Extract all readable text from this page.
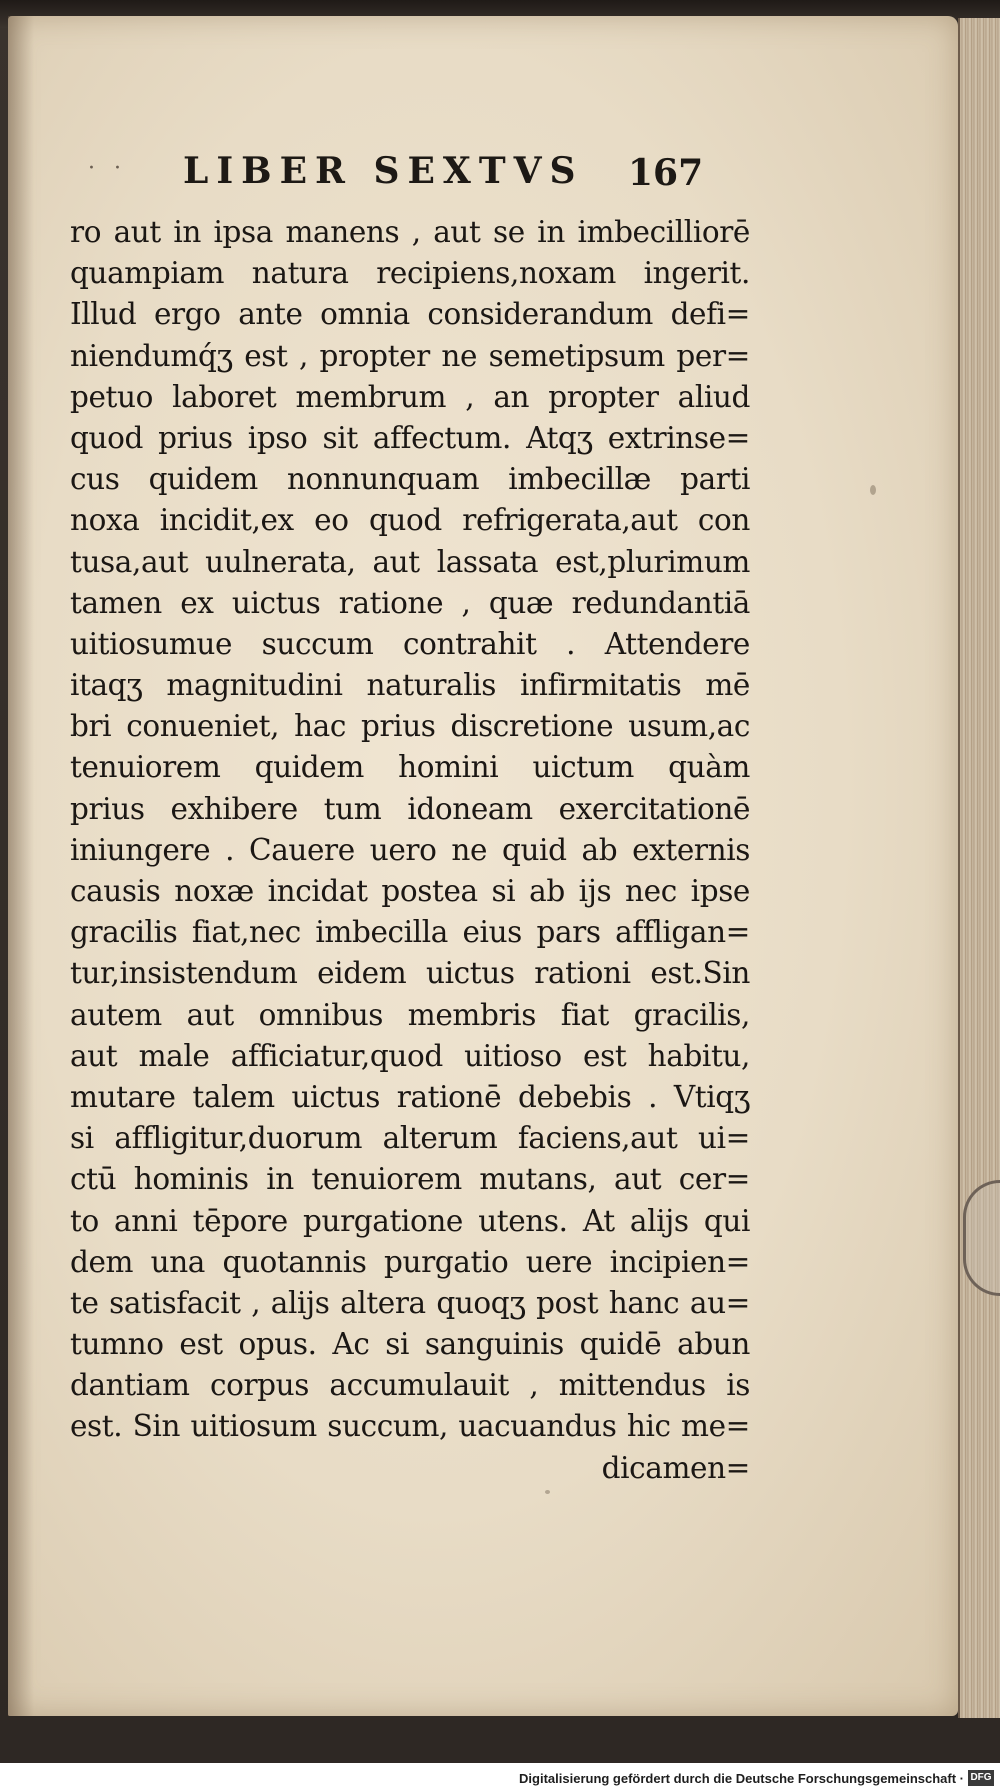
· · LIBER SEXTVS 167
ro aut in ipsa manens , aut se in imbecilliorē
quampiam natura recipiens,noxam ingerit.
Illud ergo ante omnia considerandum defi=
niendumq́ʒ est , propter ne semetipsum per=
petuo laboret membrum , an propter aliud
quod prius ipso sit affectum. Atqʒ extrinse=
cus quidem nonnunquam imbecillæ parti
noxa incidit,ex eo quod refrigerata,aut con
tusa,aut uulnerata, aut lassata est,plurimum
tamen ex uictus ratione , quæ redundantiā
uitiosumue succum contrahit . Attendere
itaqʒ magnitudini naturalis infirmitatis mē
bri conueniet, hac prius discretione usum,ac
tenuiorem quidem homini uictum quàm
prius exhibere tum idoneam exercitationē
iniungere . Cauere uero ne quid ab externis
causis noxæ incidat postea si ab ijs nec ipse
gracilis fiat,nec imbecilla eius pars affligan=
tur,insistendum eidem uictus rationi est.Sin
autem aut omnibus membris fiat gracilis,
aut male afficiatur,quod uitioso est habitu,
mutare talem uictus rationē debebis . Vtiqʒ
si affligitur,duorum alterum faciens,aut ui=
ctū hominis in tenuiorem mutans, aut cer=
to anni tēpore purgatione utens. At alijs qui
dem una quotannis purgatio uere incipien=
te satisfacit , alijs altera quoqʒ post hanc au=
tumno est opus. Ac si sanguinis quidē abun
dantiam corpus accumulauit , mittendus is
est. Sin uitiosum succum, uacuandus hic me=
dicamen=
Digitalisierung gefördert durch die Deutsche Forschungsgemeinschaft · DFG
